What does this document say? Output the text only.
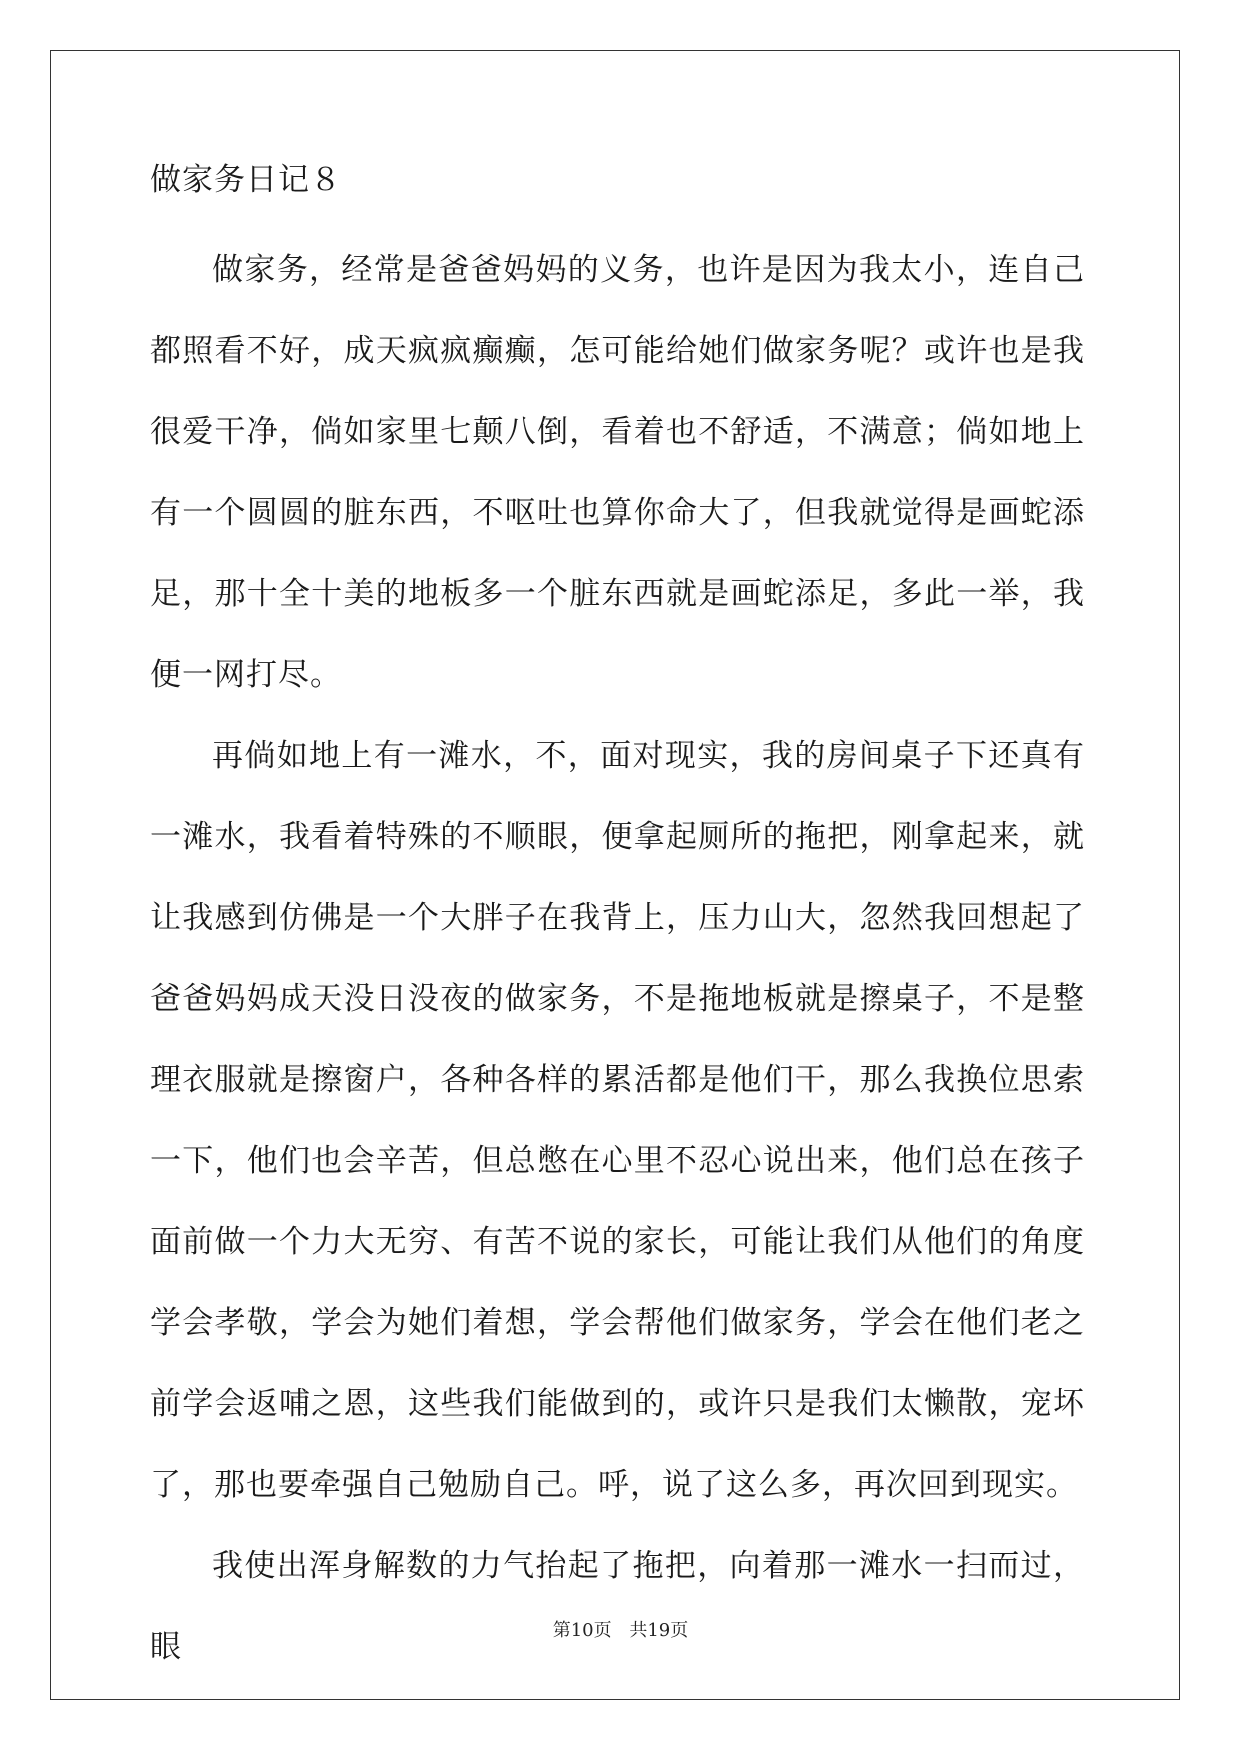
做家务日记８

做家务，经常是爸爸妈妈的义务，也许是因为我太小，连自己都照看不好，成天疯疯癫癫，怎可能给她们做家务呢？或许也是我很爱干净，倘如家里七颠八倒，看着也不舒适，不满意；倘如地上有一个圆圆的脏东西，不呕吐也算你命大了，但我就觉得是画蛇添足，那十全十美的地板多一个脏东西就是画蛇添足，多此一举，我便一网打尽。

再倘如地上有一滩水，不，面对现实，我的房间桌子下还真有一滩水，我看着特殊的不顺眼，便拿起厕所的拖把，刚拿起来，就让我感到仿佛是一个大胖子在我背上，压力山大，忽然我回想起了爸爸妈妈成天没日没夜的做家务，不是拖地板就是擦桌子，不是整理衣服就是擦窗户，各种各样的累活都是他们干，那么我换位思索一下，他们也会辛苦，但总憋在心里不忍心说出来，他们总在孩子面前做一个力大无穷、有苦不说的家长，可能让我们从他们的角度学会孝敬，学会为她们着想，学会帮他们做家务，学会在他们老之前学会返哺之恩，这些我们能做到的，或许只是我们太懒散，宠坏了，那也要牵强自己勉励自己。呼，说了这么多，再次回到现实。

我使出浑身解数的力气抬起了拖把，向着那一滩水一扫而过，眼	第10页 共19页
